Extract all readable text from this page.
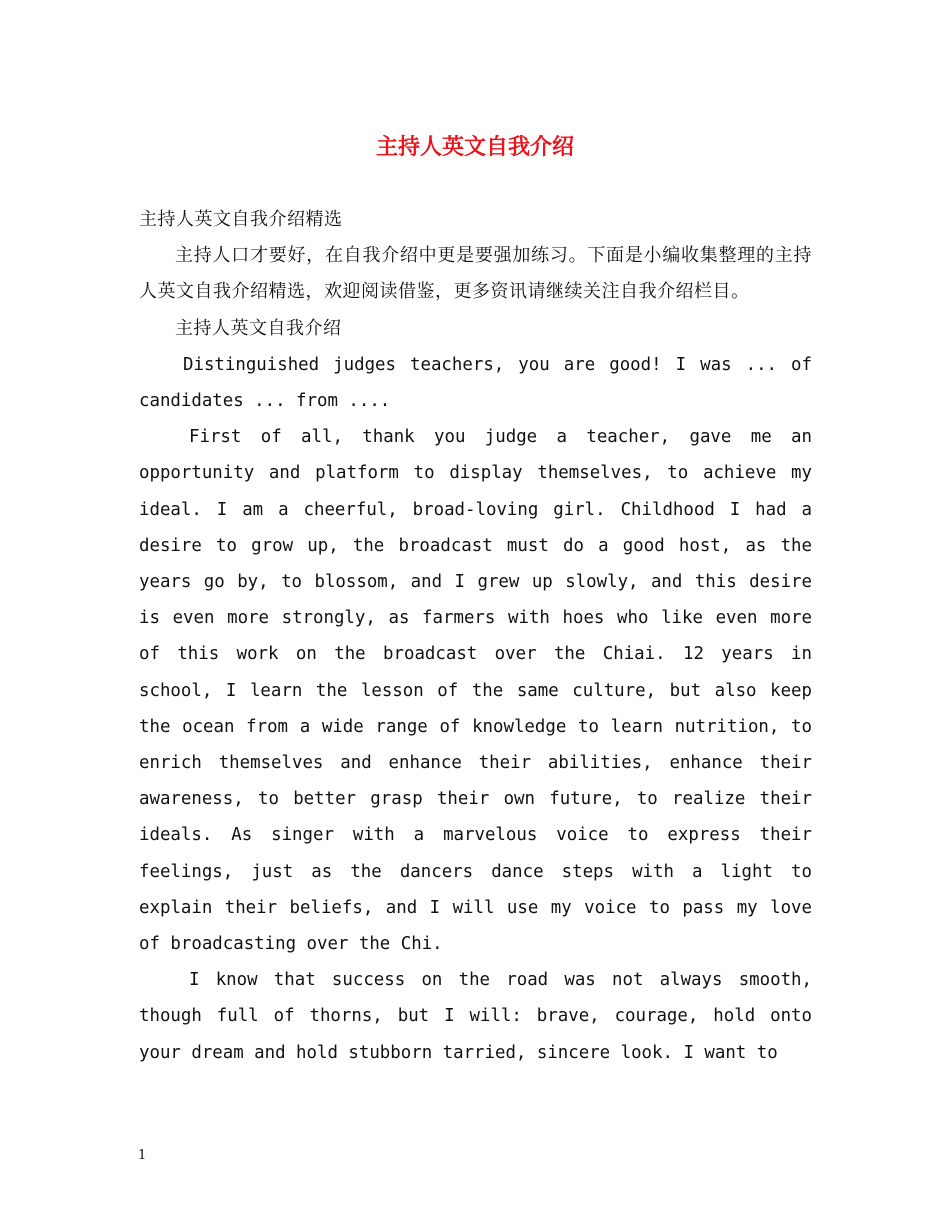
主持人英文自我介绍

主持人英文自我介绍精选

主持人口才要好，在自我介绍中更是要强加练习。下面是小编收集整理的主持人英文自我介绍精选，欢迎阅读借鉴，更多资讯请继续关注自我介绍栏目。

主持人英文自我介绍

Distinguished judges teachers, you are good! I was ... of candidates ... from ....

First of all, thank you judge a teacher, gave me an opportunity and platform to display themselves, to achieve my ideal. I am a cheerful, broad-loving girl. Childhood I had a desire to grow up, the broadcast must do a good host, as the years go by, to blossom, and I grew up slowly, and this desire is even more strongly, as farmers with hoes who like even more of this work on the broadcast over the Chiai. 12 years in school, I learn the lesson of the same culture, but also keep the ocean from a wide range of knowledge to learn nutrition, to enrich themselves and enhance their abilities, enhance their awareness, to better grasp their own future, to realize their ideals. As singer with a marvelous voice to express their feelings, just as the dancers dance steps with a light to explain their beliefs, and I will use my voice to pass my love of broadcasting over the Chi.

I know that success on the road was not always smooth, though full of thorns, but I will: brave, courage, hold onto your dream and hold stubborn tarried, sincere look. I want to

1
